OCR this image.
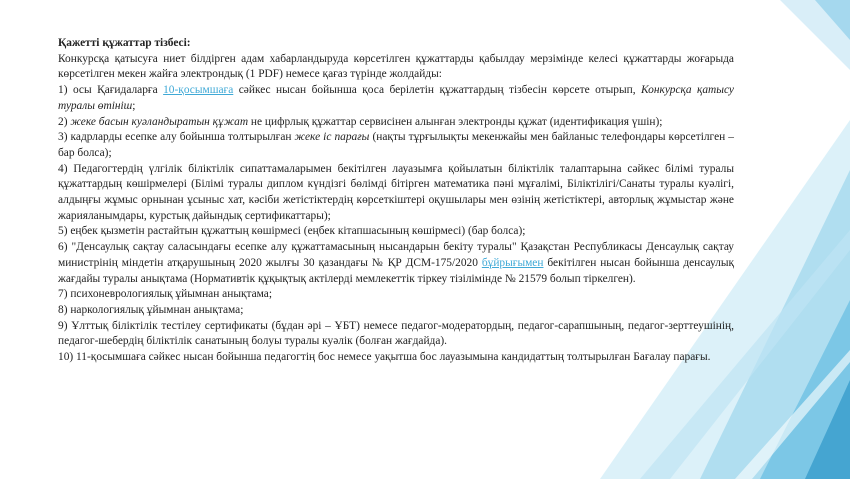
Қажетті құжаттар тізбесі:

Конкурсқа қатысуға ниет білдірген адам хабарландыруда көрсетілген құжаттарды қабылдау мерзімінде келесі құжаттарды жоғарыда көрсетілген мекен жайға электрондық (1 PDF) немесе қағаз түрінде жолдайды:

1) осы Қағидаларға 10-қосымшаға сәйкес нысан бойынша қоса берілетін құжаттардың тізбесін көрсете отырып, Конкурсқа қатысу туралы өтініш;

2) жеке басын куәландыратын құжат не цифрлық құжаттар сервисінен алынған электронды құжат (идентификация үшін);

3) кадрларды есепке алу бойынша толтырылған жеке іс парағы (нақты тұрғылықты мекенжайы мен байланыс телефондары көрсетілген – бар болса);

4) Педагогтердің үлгілік біліктілік сипаттамаларымен бекітілген лауазымға қойылатын біліктілік талаптарына сәйкес білімі туралы құжаттардың көшірмелері (Білімі туралы диплом күндізгі бөлімді бітірген математика пәні мұғалімі, Біліктілігі/Санаты туралы куәлігі, алдыңғы жұмыс орнынан ұсыныс хат, кәсіби жетістіктердің көрсеткіштері оқушылары мен өзінің жетістіктері, авторлық жұмыстар және жарияланымдары, курстық дайындық сертификаттары);

5) еңбек қызметін растайтын құжаттың көшірмесі (еңбек кітапшасының көшірмесі) (бар болса);

6) "Денсаулық сақтау саласындағы есепке алу құжаттамасының нысандарын бекіту туралы" Қазақстан Республикасы Денсаулық сақтау министрінің міндетін атқарушының 2020 жылғы 30 қазандағы № ҚР ДСМ-175/2020 бұйрығымен бекітілген нысан бойынша денсаулық жағдайы туралы анықтама (Нормативтік құқықтық актілерді мемлекеттік тіркеу тізілімінде № 21579 болып тіркелген).

7) психоневрологиялық ұйымнан анықтама;

8) наркологиялық ұйымнан анықтама;

9) Ұлттық біліктілік тестілеу сертификаты (бұдан әрі – ҰБТ) немесе педагог-модератордың, педагог-сарапшының, педагог-зерттеушінің, педагог-шебердің біліктілік санатының болуы туралы куәлік (болған жағдайда).

10) 11-қосымшаға сәйкес нысан бойынша педагогтің бос немесе уақытша бос лауазымына кандидаттың толтырылған Бағалау парағы.
